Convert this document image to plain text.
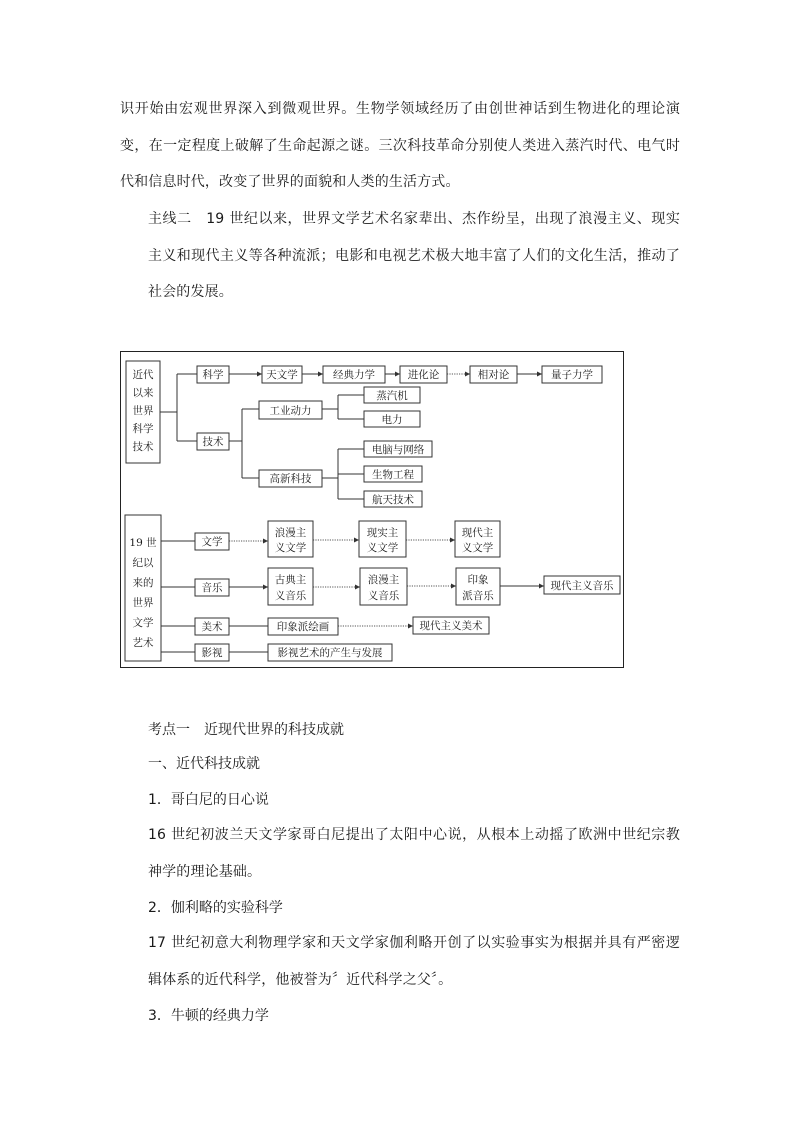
识开始由宏观世界深入到微观世界。生物学领域经历了由创世神话到生物进化的理论演变，在一定程度上破解了生命起源之谜。三次科技革命分别使人类进入蒸汽时代、电气时代和信息时代，改变了世界的面貌和人类的生活方式。

主线二　19 世纪以来，世界文学艺术名家辈出、杰作纷呈，出现了浪漫主义、现实主义和现代主义等各种流派；电影和电视艺术极大地丰富了人们的文化生活，推动了社会的发展。

近代
以来
世界
科学
技术
19 世
纪以
来的
世界
文学
艺术
科学	天文学	经典力学	进化论	相对论	量子力学
技术
工业动力
蒸汽机
电力
高新科技
电脑与网络
生物工程
航天技术
文学
浪漫主
义文学
现实主
义文学
现代主
义文学
音乐
古典主
义音乐
浪漫主
义音乐
印象
派音乐
现代主义音乐
美术	印象派绘画	现代主义美术
影视	影视艺术的产生与发展

考点一　近现代世界的科技成就

一、近代科技成就

1．哥白尼的日心说

16 世纪初波兰天文学家哥白尼提出了太阳中心说，从根本上动摇了欧洲中世纪宗教神学的理论基础。

2．伽利略的实验科学

17 世纪初意大利物理学家和天文学家伽利略开创了以实验事实为根据并具有严密逻辑体系的近代科学，他被誉为〞近代科学之父〞。

3．牛顿的经典力学
